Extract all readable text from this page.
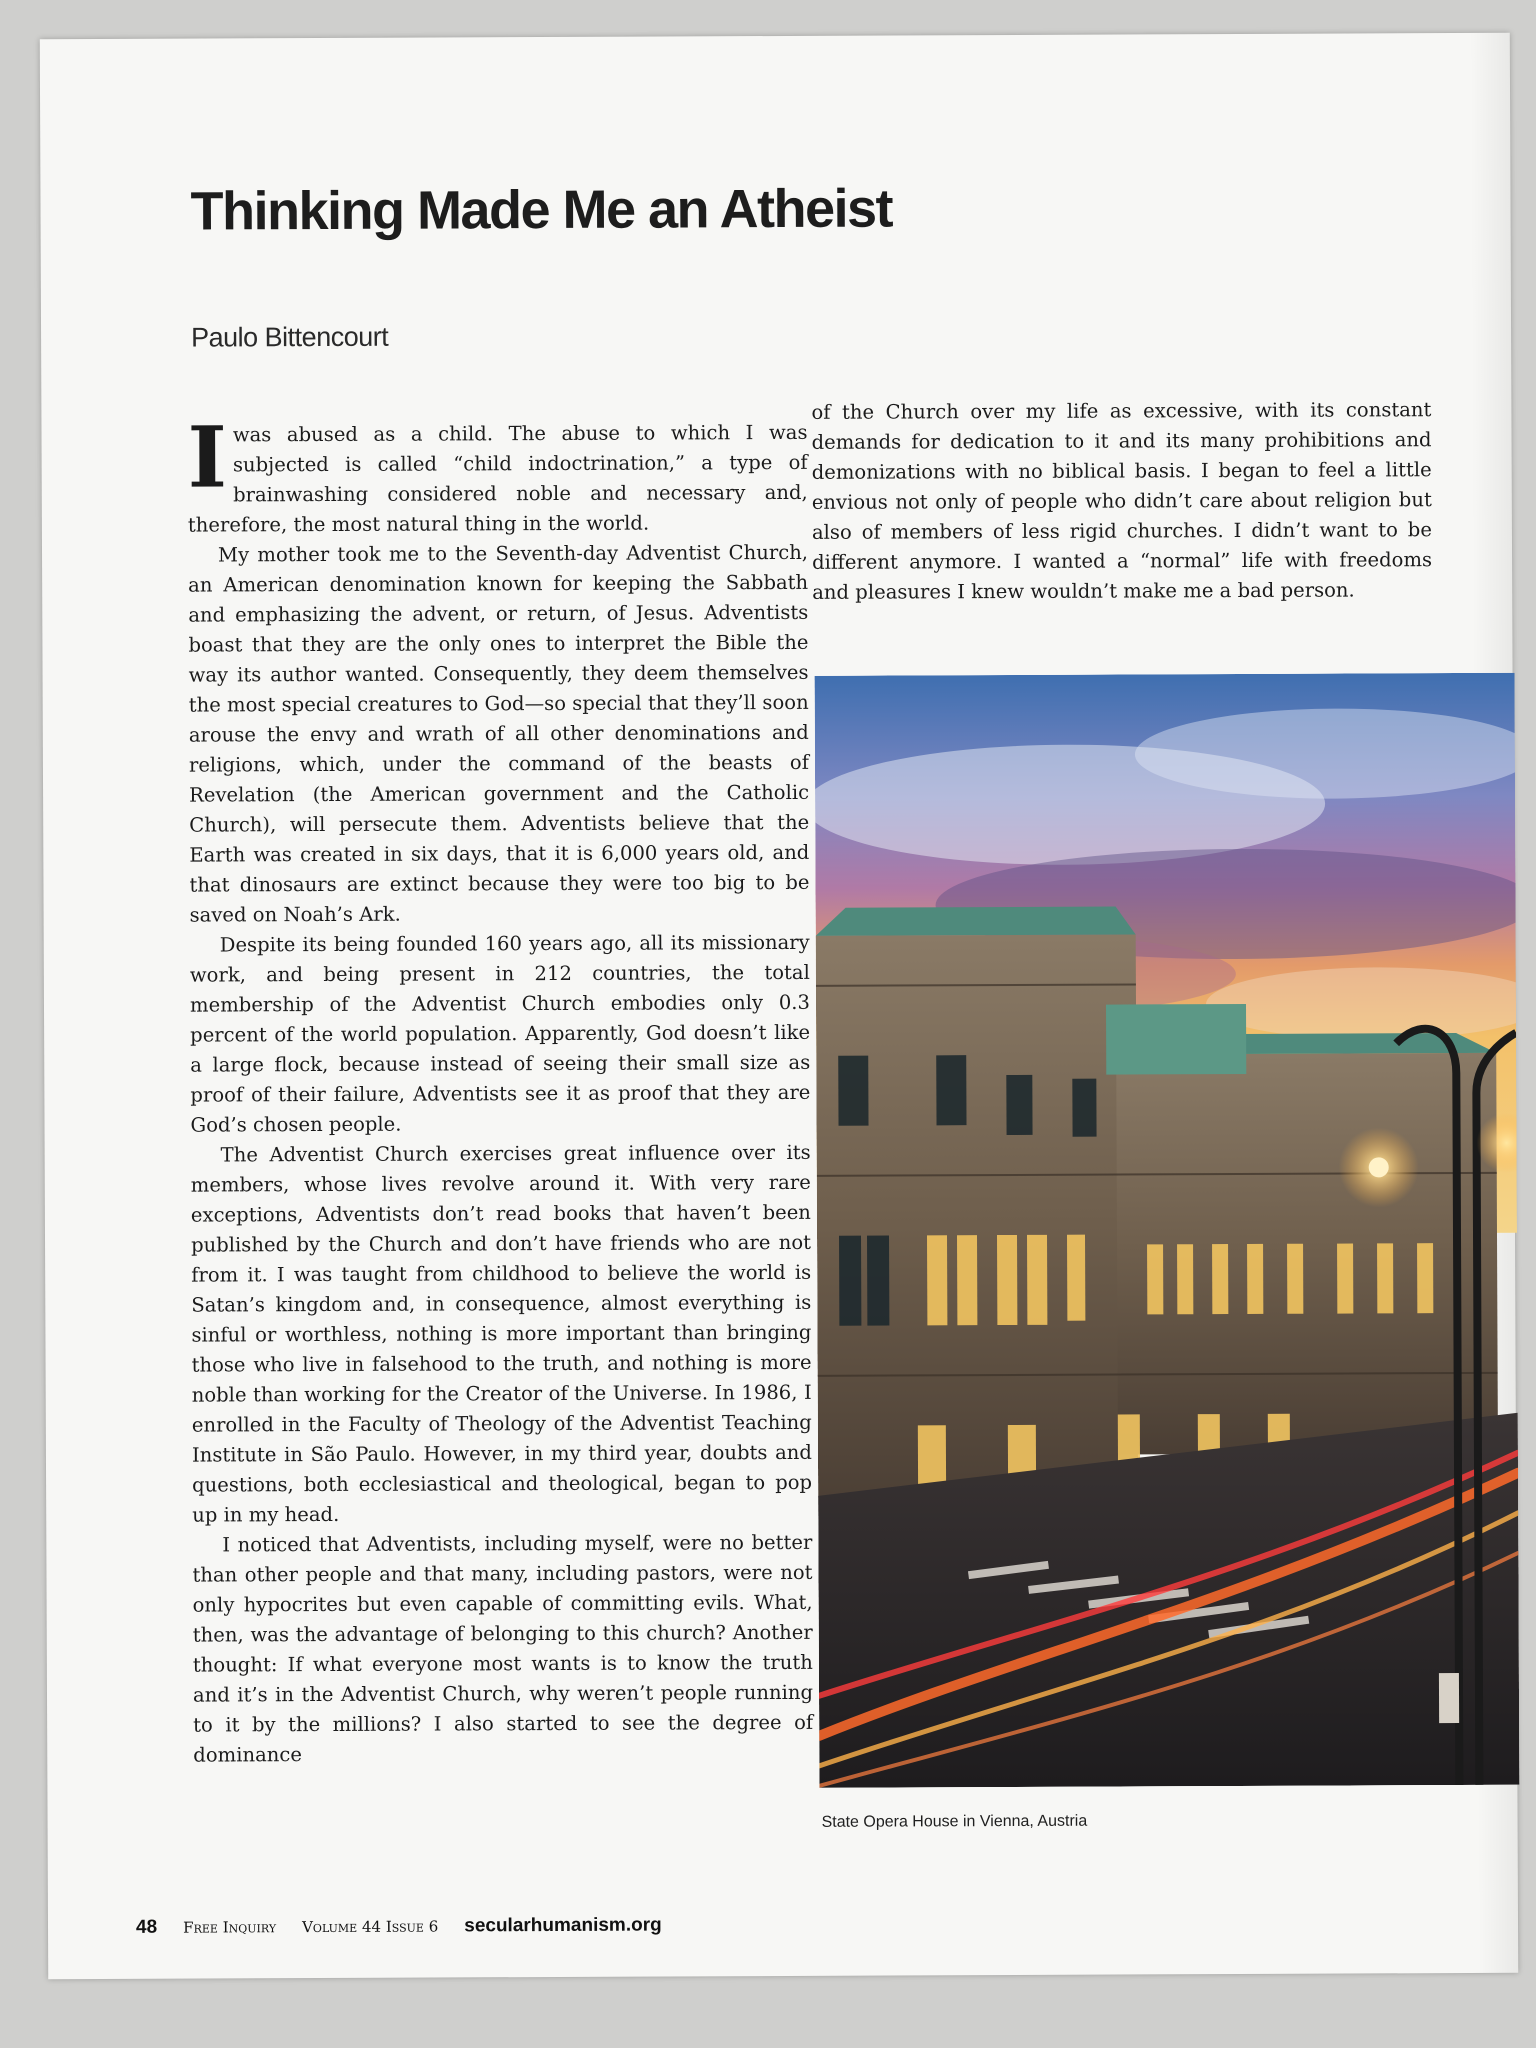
Thinking Made Me an Atheist
Paulo Bittencourt

Iwas abused as a child. The abuse to which I was subjected is called “child indoctrination,” a type of brainwashing considered noble and necessary and, therefore, the most natural thing in the world.

My mother took me to the Seventh-day Adventist Church, an American denomination known for keeping the Sabbath and emphasizing the advent, or return, of Jesus. Adventists boast that they are the only ones to interpret the Bible the way its author wanted. Consequently, they deem themselves the most special creatures to God—so special that they’ll soon arouse the envy and wrath of all other denominations and religions, which, under the command of the beasts of Revelation (the American government and the Catholic Church), will persecute them. Adventists believe that the Earth was created in six days, that it is 6,000 years old, and that dinosaurs are extinct because they were too big to be saved on Noah’s Ark.

Despite its being founded 160 years ago, all its missionary work, and being present in 212 countries, the total membership of the Adventist Church embodies only 0.3 percent of the world population. Apparently, God doesn’t like a large flock, because instead of seeing their small size as proof of their failure, Adventists see it as proof that they are God’s chosen people.

The Adventist Church exercises great influence over its members, whose lives revolve around it. With very rare exceptions, Adventists don’t read books that haven’t been published by the Church and don’t have friends who are not from it. I was taught from childhood to believe the world is Satan’s kingdom and, in consequence, almost everything is sinful or worthless, nothing is more important than bringing those who live in falsehood to the truth, and nothing is more noble than working for the Creator of the Universe. In 1986, I enrolled in the Faculty of Theology of the Adventist Teaching Institute in São Paulo. However, in my third year, doubts and questions, both ecclesiastical and theological, began to pop up in my head.

I noticed that Adventists, including myself, were no better than other people and that many, including pastors, were not only hypocrites but even capable of committing evils. What, then, was the advantage of belonging to this church? Another thought: If what everyone most wants is to know the truth and it’s in the Adventist Church, why weren’t people running to it by the millions? I also started to see the degree of dominance

of the Church over my life as excessive, with its constant demands for dedication to it and its many prohibitions and demonizations with no biblical basis. I began to feel a little envious not only of people who didn’t care about religion but also of members of less rigid churches. I didn’t want to be different anymore. I wanted a “normal” life with freedoms and pleasures I knew wouldn’t make me a bad person.

State Opera House in Vienna, Austria
48 Free Inquiry Volume 44 Issue 6 secularhumanism.org
